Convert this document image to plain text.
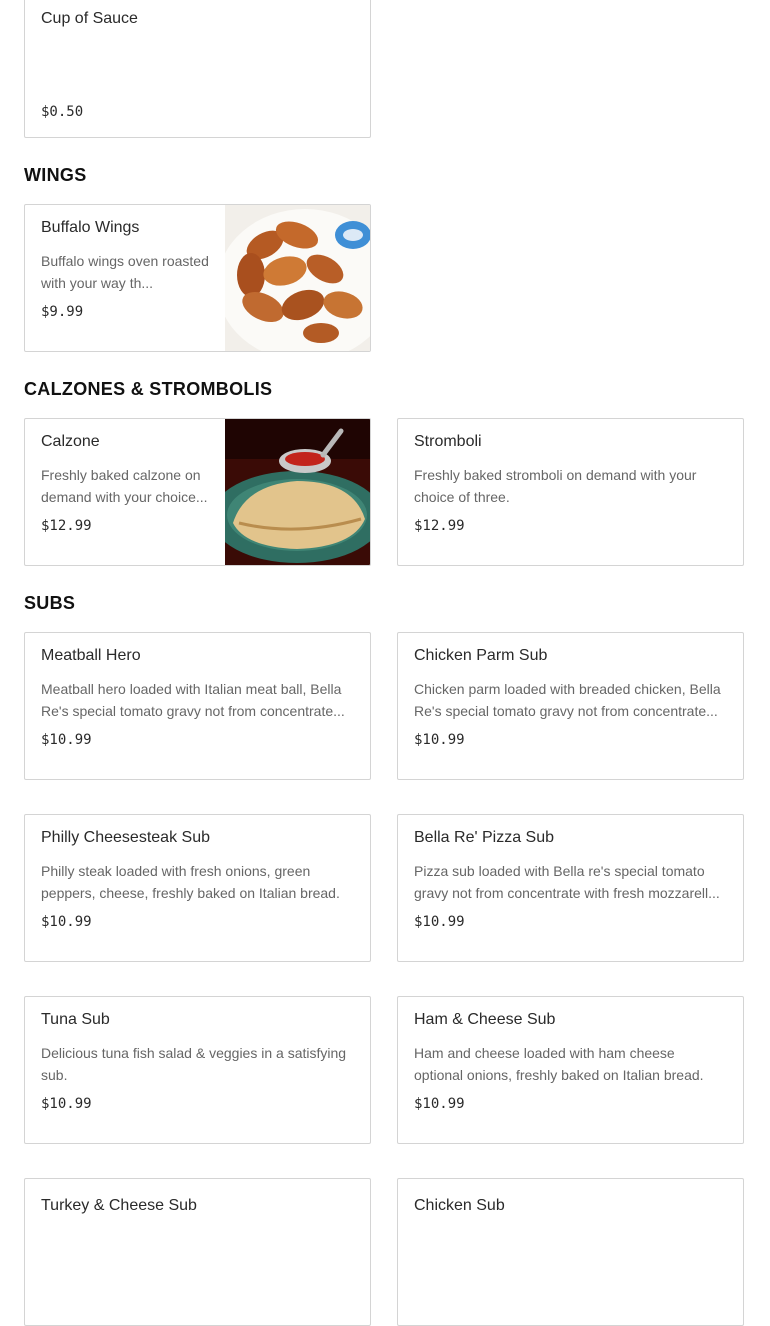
Cup of Sauce
$0.50
WINGS
Buffalo Wings
Buffalo wings oven roasted with your way th...
$9.99
CALZONES & STROMBOLIS
Calzone
Freshly baked calzone on demand with your choice...
$12.99
Stromboli
Freshly baked stromboli on demand with your choice of three.
$12.99
SUBS
Meatball Hero
Meatball hero loaded with Italian meat ball, Bella Re's special tomato gravy not from concentrate...
$10.99
Chicken Parm Sub
Chicken parm loaded with breaded chicken, Bella Re's special tomato gravy not from concentrate...
$10.99
Philly Cheesesteak Sub
Philly steak loaded with fresh onions, green peppers, cheese, freshly baked on Italian bread.
$10.99
Bella Re' Pizza Sub
Pizza sub loaded with Bella re's special tomato gravy not from concentrate with fresh mozzarell...
$10.99
Tuna Sub
Delicious tuna fish salad & veggies in a satisfying sub.
$10.99
Ham & Cheese Sub
Ham and cheese loaded with ham cheese optional onions, freshly baked on Italian bread.
$10.99
Turkey & Cheese Sub	Chicken Sub
